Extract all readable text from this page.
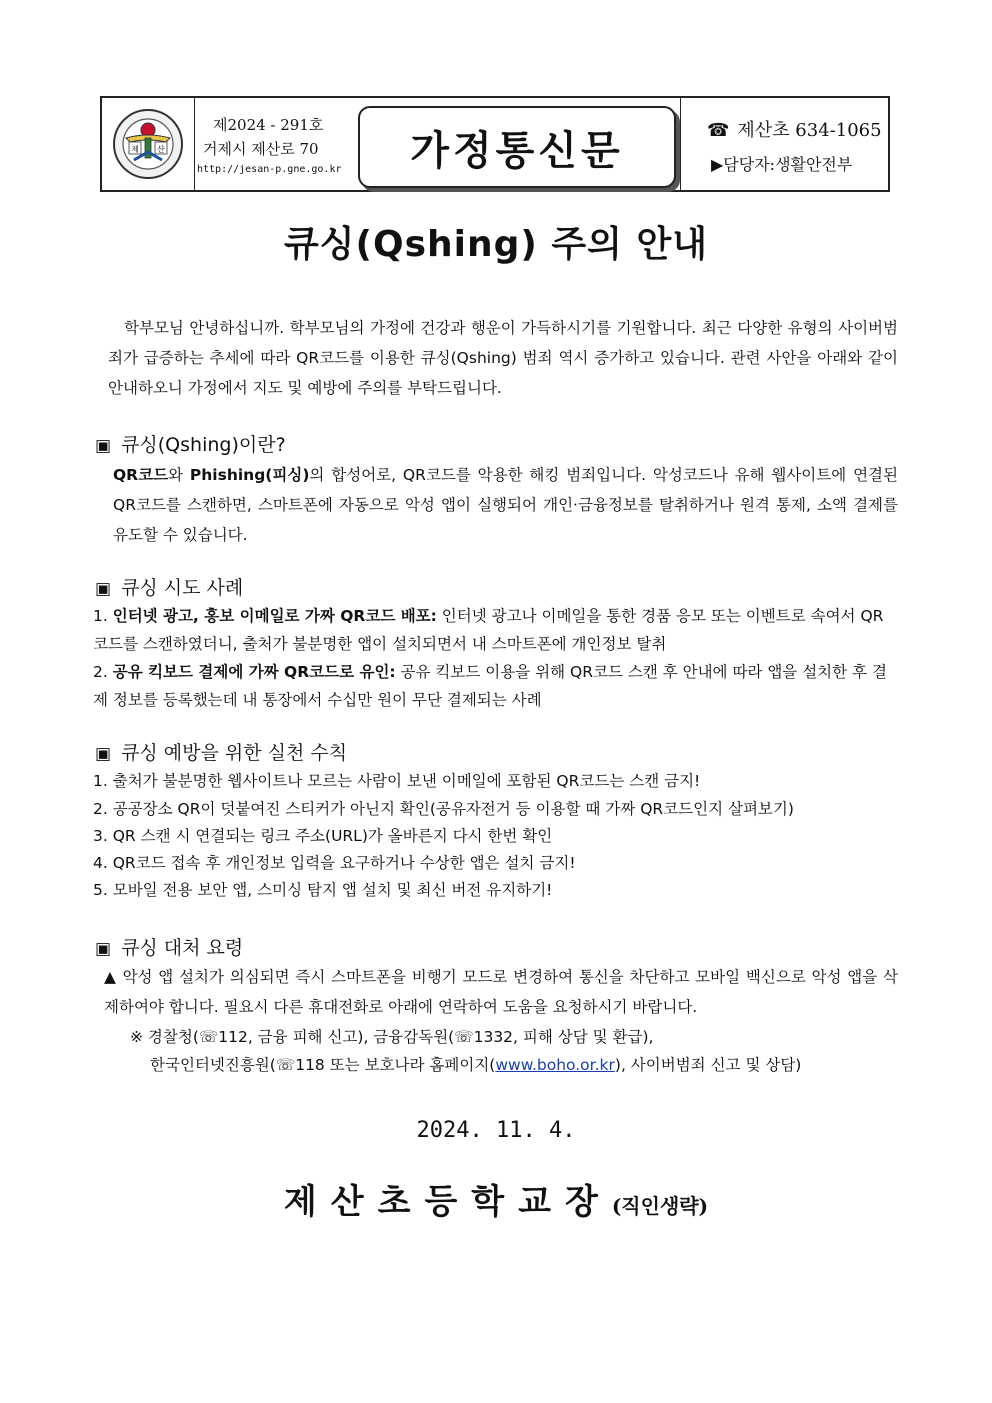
제 산
제2024 - 291호
거제시 제산로 70
http://jesan-p.gne.go.kr 가정통신문	☎ 제산초 634-1065
▶담당자:생활안전부
큐싱(Qshing) 주의 안내
학부모님 안녕하십니까. 학부모님의 가정에 건강과 행운이 가득하시기를 기원합니다. 최근 다양한 유형의 사이버범죄가 급증하는 추세에 따라 QR코드를 이용한 큐싱(Qshing) 범죄 역시 증가하고 있습니다. 관련 사안을 아래와 같이 안내하오니 가정에서 지도 및 예방에 주의를 부탁드립니다.
▣ 큐싱(Qshing)이란?
QR코드와 Phishing(피싱)의 합성어로, QR코드를 악용한 해킹 범죄입니다. 악성코드나 유해 웹사이트에 연결된 QR코드를 스캔하면, 스마트폰에 자동으로 악성 앱이 실행되어 개인·금융정보를 탈취하거나 원격 통제, 소액 결제를 유도할 수 있습니다.
▣ 큐싱 시도 사례
1. 인터넷 광고, 홍보 이메일로 가짜 QR코드 배포: 인터넷 광고나 이메일을 통한 경품 응모 또는 이벤트로 속여서 QR코드를 스캔하였더니, 출처가 불분명한 앱이 설치되면서 내 스마트폰에 개인정보 탈취
2. 공유 킥보드 결제에 가짜 QR코드로 유인: 공유 킥보드 이용을 위해 QR코드 스캔 후 안내에 따라 앱을 설치한 후 결제 정보를 등록했는데 내 통장에서 수십만 원이 무단 결제되는 사례
▣ 큐싱 예방을 위한 실천 수칙
1. 출처가 불분명한 웹사이트나 모르는 사람이 보낸 이메일에 포함된 QR코드는 스캔 금지!
2. 공공장소 QR이 덧붙여진 스티커가 아닌지 확인(공유자전거 등 이용할 때 가짜 QR코드인지 살펴보기)
3. QR 스캔 시 연결되는 링크 주소(URL)가 올바른지 다시 한번 확인
4. QR코드 접속 후 개인정보 입력을 요구하거나 수상한 앱은 설치 금지!
5. 모바일 전용 보안 앱, 스미싱 탐지 앱 설치 및 최신 버전 유지하기!
▣ 큐싱 대처 요령
▲ 악성 앱 설치가 의심되면 즉시 스마트폰을 비행기 모드로 변경하여 통신을 차단하고 모바일 백신으로 악성 앱을 삭제하여야 합니다. 필요시 다른 휴대전화로 아래에 연락하여 도움을 요청하시기 바랍니다.
※ 경찰청(☏112, 금융 피해 신고), 금융감독원(☏1332, 피해 상담 및 환급),
한국인터넷진흥원(☏118 또는 보호나라 홈페이지(www.boho.or.kr), 사이버범죄 신고 및 상담)
2024. 11. 4.
제산초등학교장(직인생략)
